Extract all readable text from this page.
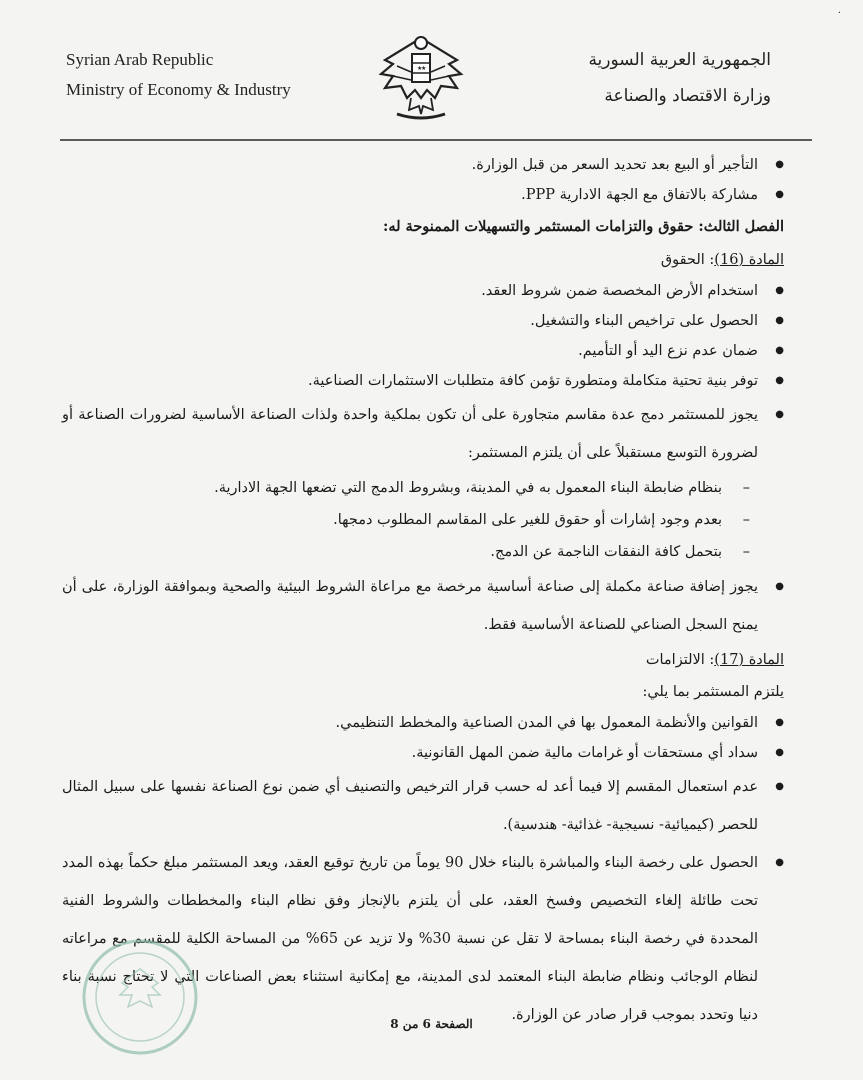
·
Syrian Arab Republic
Ministry of Economy & Industry
★
★	الجمهورية العربية السورية
وزارة الاقتصاد والصناعة
● التأجير أو البيع بعد تحديد السعر من قبل الوزارة.
● مشاركة بالاتفاق مع الجهة الادارية PPP.
الفصل الثالث: حقوق والتزامات المستثمر والتسهيلات الممنوحة له:
المادة (16): الحقوق
● استخدام الأرض المخصصة ضمن شروط العقد.
● الحصول على تراخيص البناء والتشغيل.
● ضمان عدم نزع اليد أو التأميم.
● توفر بنية تحتية متكاملة ومتطورة تؤمن كافة متطلبات الاستثمارات الصناعية.
● يجوز للمستثمر دمج عدة مقاسم متجاورة على أن تكون بملكية واحدة ولذات الصناعة الأساسية لضرورات الصناعة أو لضرورة التوسع مستقبلاً على أن يلتزم المستثمر:
– بنظام ضابطة البناء المعمول به في المدينة، وبشروط الدمج التي تضعها الجهة الادارية.
– بعدم وجود إشارات أو حقوق للغير على المقاسم المطلوب دمجها.
– بتحمل كافة النفقات الناجمة عن الدمج.
● يجوز إضافة صناعة مكملة إلى صناعة أساسية مرخصة مع مراعاة الشروط البيئية والصحية وبموافقة الوزارة، على أن يمنح السجل الصناعي للصناعة الأساسية فقط.
المادة (17): الالتزامات
يلتزم المستثمر بما يلي:
● القوانين والأنظمة المعمول بها في المدن الصناعية والمخطط التنظيمي.
● سداد أي مستحقات أو غرامات مالية ضمن المهل القانونية.
● عدم استعمال المقسم إلا فيما أعد له حسب قرار الترخيص والتصنيف أي ضمن نوع الصناعة نفسها على سبيل المثال للحصر (كيميائية- نسيجية- غذائية- هندسية).
● الحصول على رخصة البناء والمباشرة بالبناء خلال 90 يوماً من تاريخ توقيع العقد، ويعد المستثمر مبلغ حكماً بهذه المدد تحت طائلة إلغاء التخصيص وفسخ العقد، على أن يلتزم بالإنجاز وفق نظام البناء والمخططات والشروط الفنية المحددة في رخصة البناء بمساحة لا تقل عن نسبة 30% ولا تزيد عن 65% من المساحة الكلية للمقسم مع مراعاته لنظام الوجائب ونظام ضابطة البناء المعتمد لدى المدينة، مع إمكانية استثناء بعض الصناعات التي لا تحتاج نسبة بناء دنيا وتحدد بموجب قرار صادر عن الوزارة.
الصفحة 6 من 8
